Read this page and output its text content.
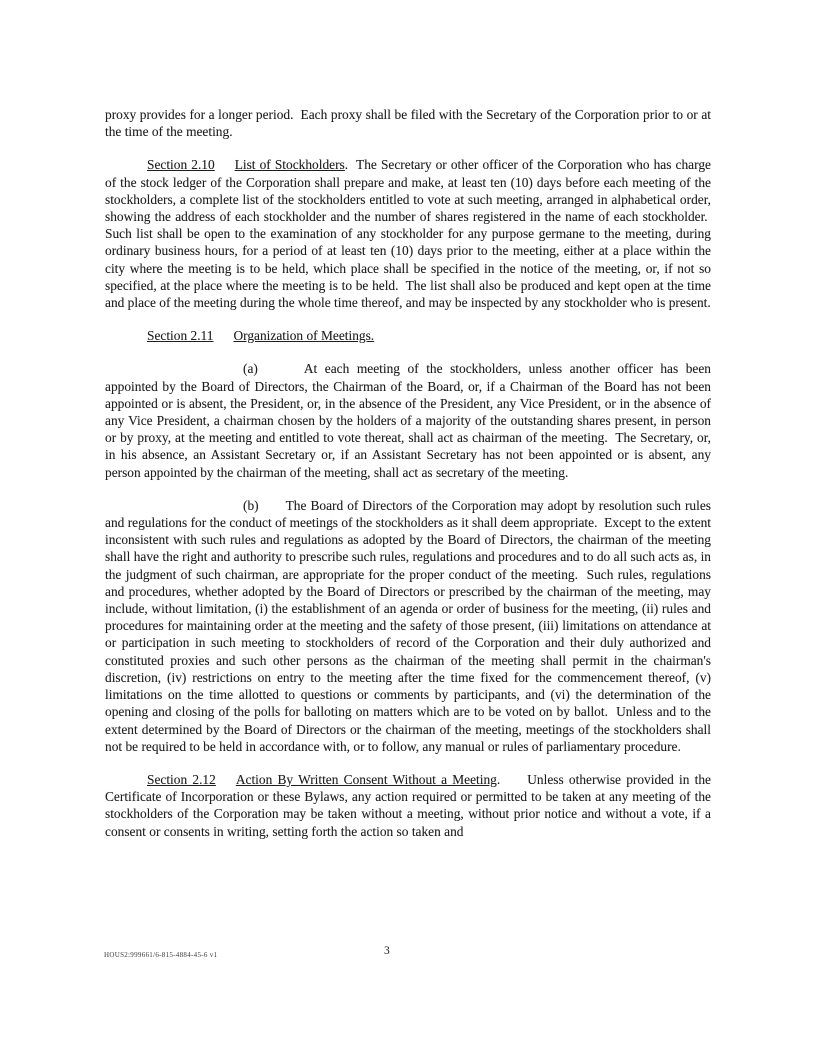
proxy provides for a longer period.  Each proxy shall be filed with the Secretary of the Corporation prior to or at the time of the meeting.

Section 2.10 List of Stockholders.  The Secretary or other officer of the Corporation who has charge of the stock ledger of the Corporation shall prepare and make, at least ten (10) days before each meeting of the stockholders, a complete list of the stockholders entitled to vote at such meeting, arranged in alphabetical order, showing the address of each stockholder and the number of shares registered in the name of each stockholder.  Such list shall be open to the examination of any stockholder for any purpose germane to the meeting, during ordinary business hours, for a period of at least ten (10) days prior to the meeting, either at a place within the city where the meeting is to be held, which place shall be specified in the notice of the meeting, or, if not so specified, at the place where the meeting is to be held.  The list shall also be produced and kept open at the time and place of the meeting during the whole time thereof, and may be inspected by any stockholder who is present.

Section 2.11 Organization of Meetings.

(a)	At each meeting of the stockholders, unless another officer has been appointed by the Board of Directors, the Chairman of the Board, or, if a Chairman of the Board has not been appointed or is absent, the President, or, in the absence of the President, any Vice President, or in the absence of any Vice President, a chairman chosen by the holders of a majority of the outstanding shares present, in person or by proxy, at the meeting and entitled to vote thereat, shall act as chairman of the meeting.  The Secretary, or, in his absence, an Assistant Secretary or, if an Assistant Secretary has not been appointed or is absent, any person appointed by the chairman of the meeting, shall act as secretary of the meeting.

(b) The Board of Directors of the Corporation may adopt by resolution such rules and regulations for the conduct of meetings of the stockholders as it shall deem appropriate.  Except to the extent inconsistent with such rules and regulations as adopted by the Board of Directors, the chairman of the meeting shall have the right and authority to prescribe such rules, regulations and procedures and to do all such acts as, in the judgment of such chairman, are appropriate for the proper conduct of the meeting.  Such rules, regulations and procedures, whether adopted by the Board of Directors or prescribed by the chairman of the meeting, may include, without limitation, (i) the establishment of an agenda or order of business for the meeting, (ii) rules and procedures for maintaining order at the meeting and the safety of those present, (iii) limitations on attendance at or participation in such meeting to stockholders of record of the Corporation and their duly authorized and constituted proxies and such other persons as the chairman of the meeting shall permit in the chairman's discretion, (iv) restrictions on entry to the meeting after the time fixed for the commencement thereof, (v) limitations on the time allotted to questions or comments by participants, and (vi) the determination of the opening and closing of the polls for balloting on matters which are to be voted on by ballot.  Unless and to the extent determined by the Board of Directors or the chairman of the meeting, meetings of the stockholders shall not be required to be held in accordance with, or to follow, any manual or rules of parliamentary procedure.

Section 2.12 Action By Written Consent Without a Meeting. Unless otherwise provided in the Certificate of Incorporation or these Bylaws, any action required or permitted to be taken at any meeting of the stockholders of the Corporation may be taken without a meeting, without prior notice and without a vote, if a consent or consents in writing, setting forth the action so taken and

HOUS2:999661/6-815-4884-45-6 v1	3
